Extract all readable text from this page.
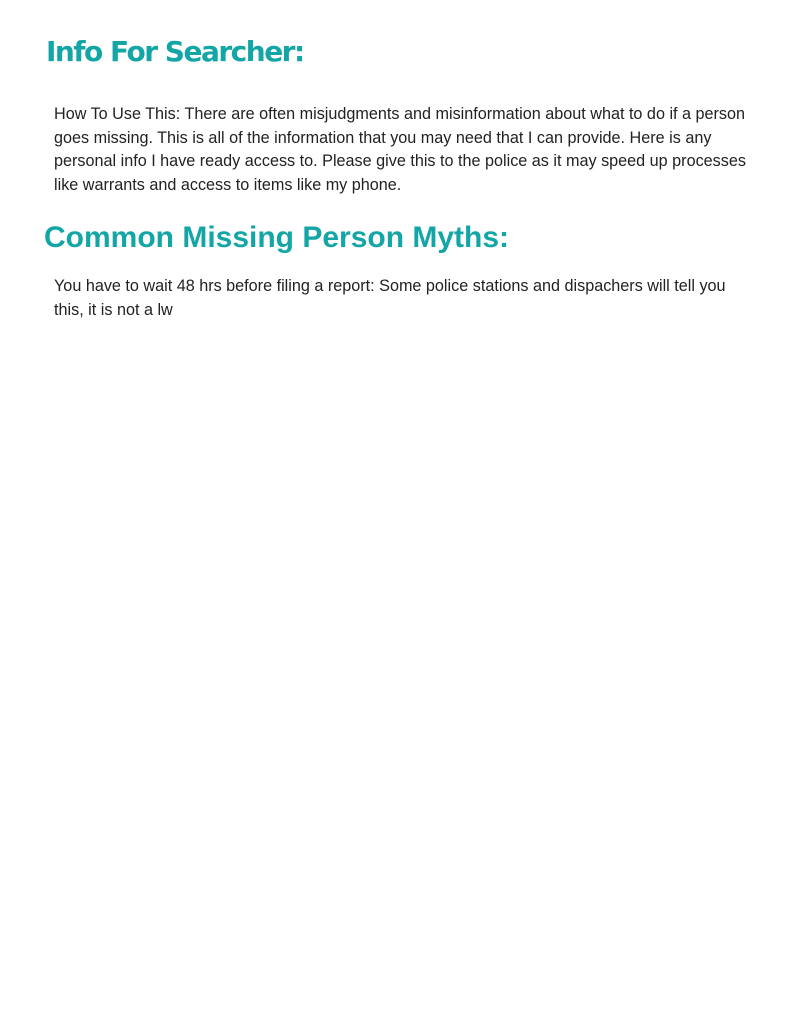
Info For Searcher:

How To Use This: There are often misjudgments and misinformation about what to do if a person goes missing. This is all of the information that you may need that I can provide. Here is any personal info I have ready access to. Please give this to the police as it may speed up processes like warrants and access to items like my phone.

Common Missing Person Myths:

You have to wait 48 hrs before filing a report: Some police stations and dispachers will tell you this, it is not a lw
